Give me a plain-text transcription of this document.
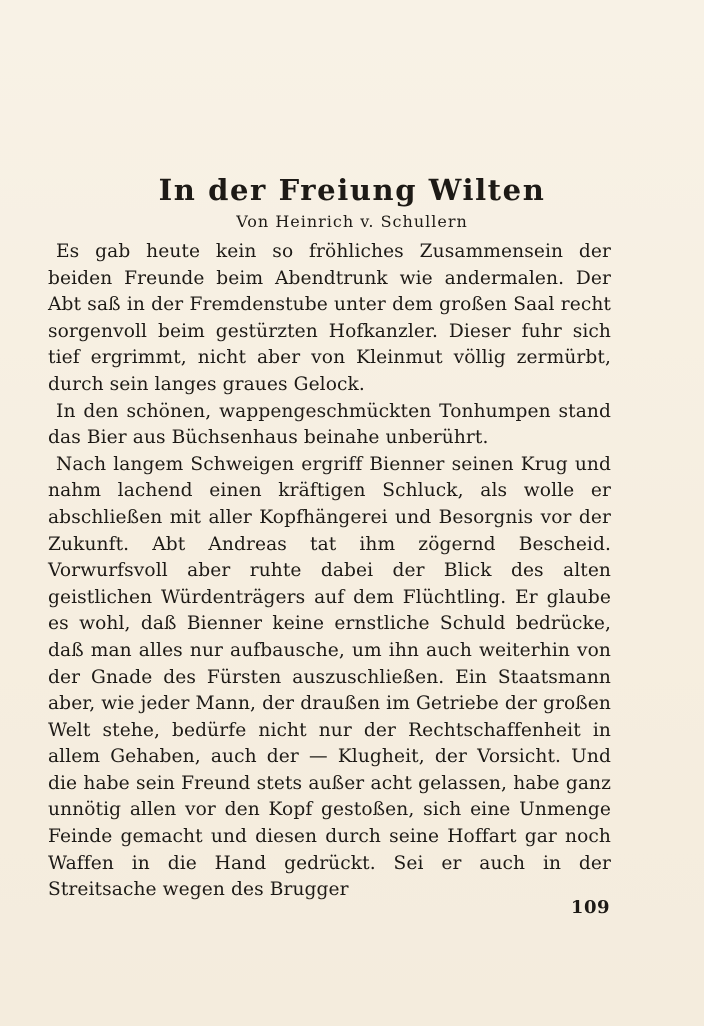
In der Freiung Wilten
Von Heinrich v. Schullern

Es gab heute kein so fröhliches Zusammensein der beiden Freunde beim Abendtrunk wie andermalen. Der Abt saß in der Fremdenstube unter dem großen Saal recht sorgenvoll beim gestürzten Hofkanzler. Dieser fuhr sich tief ergrimmt, nicht aber von Kleinmut völlig zermürbt, durch sein langes graues Gelock.

In den schönen, wappengeschmückten Tonhumpen stand das Bier aus Büchsenhaus beinahe unberührt.

Nach langem Schweigen ergriff Bienner seinen Krug und nahm lachend einen kräftigen Schluck, als wolle er abschließen mit aller Kopfhängerei und Besorgnis vor der Zukunft. Abt Andreas tat ihm zögernd Bescheid. Vorwurfsvoll aber ruhte dabei der Blick des alten geistlichen Würdenträgers auf dem Flüchtling. Er glaube es wohl, daß Bienner keine ernstliche Schuld bedrücke, daß man alles nur aufbausche, um ihn auch weiterhin von der Gnade des Fürsten auszuschließen. Ein Staatsmann aber, wie jeder Mann, der draußen im Getriebe der großen Welt stehe, bedürfe nicht nur der Rechtschaffenheit in allem Gehaben, auch der — Klugheit, der Vorsicht. Und die habe sein Freund stets außer acht gelassen, habe ganz unnötig allen vor den Kopf gestoßen, sich eine Unmenge Feinde gemacht und diesen durch seine Hoffart gar noch Waffen in die Hand gedrückt. Sei er auch in der Streitsache wegen des Brugger

109
